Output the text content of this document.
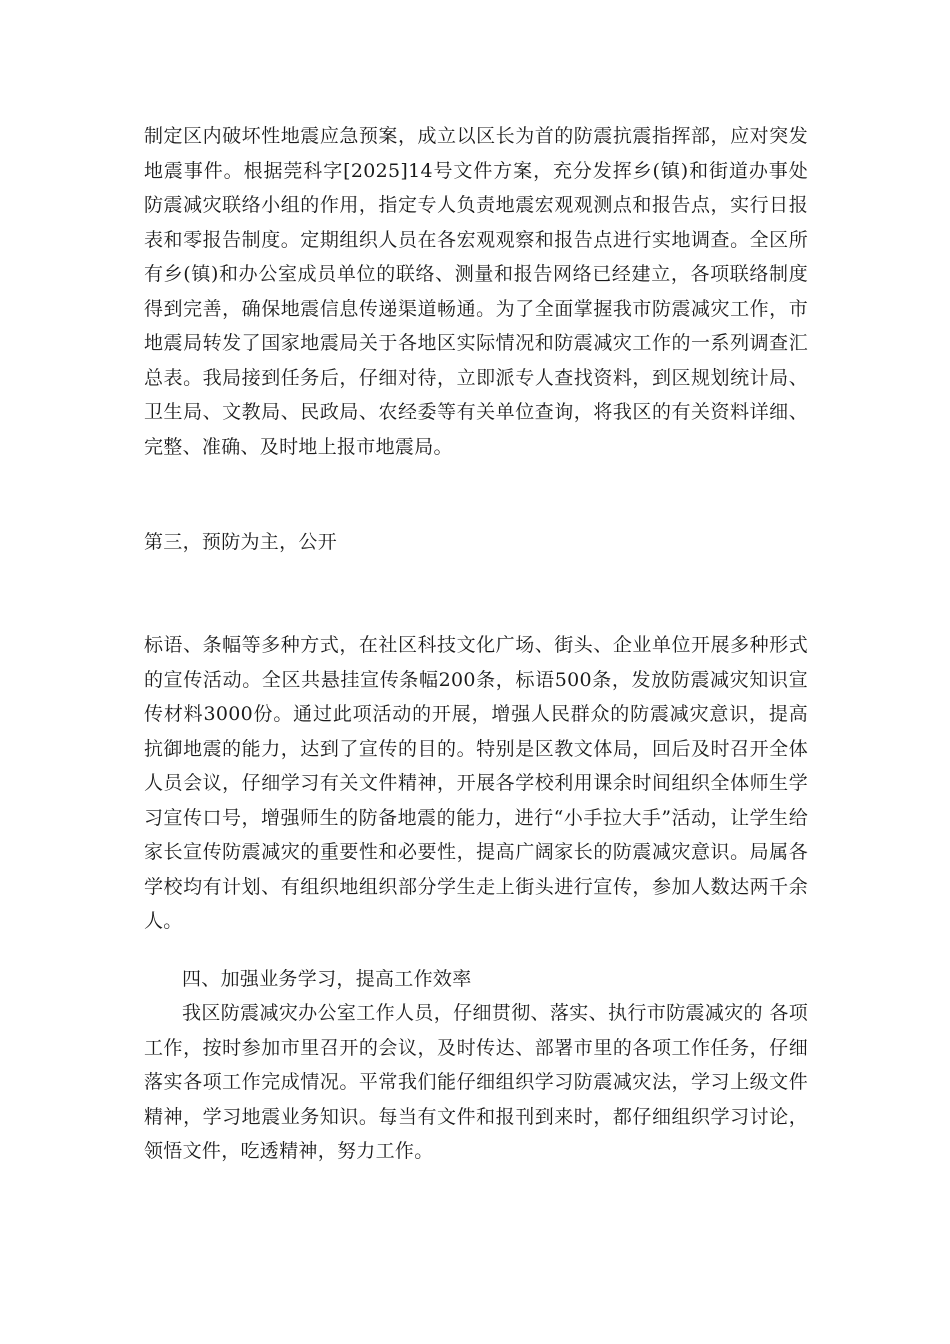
制定区内破坏性地震应急预案，成立以区长为首的防震抗震指挥部，应对突发地震事件。根据莞科字[2025]14号文件方案，充分发挥乡(镇)和街道办事处防震减灾联络小组的作用，指定专人负责地震宏观观测点和报告点，实行日报表和零报告制度。定期组织人员在各宏观观察和报告点进行实地调查。全区所有乡(镇)和办公室成员单位的联络、测量和报告网络已经建立，各项联络制度得到完善，确保地震信息传递渠道畅通。为了全面掌握我市防震减灾工作，市地震局转发了国家地震局关于各地区实际情况和防震减灾工作的一系列调查汇总表。我局接到任务后，仔细对待，立即派专人查找资料，到区规划统计局、卫生局、文教局、民政局、农经委等有关单位查询，将我区的有关资料详细、完整、准确、及时地上报市地震局。

第三，预防为主，公开

标语、条幅等多种方式，在社区科技文化广场、街头、企业单位开展多种形式的宣传活动。全区共悬挂宣传条幅200条，标语500条，发放防震减灾知识宣传材料3000份。通过此项活动的开展，增强人民群众的防震减灾意识，提高抗御地震的能力，达到了宣传的目的。特别是区教文体局，回后及时召开全体人员会议，仔细学习有关文件精神，开展各学校利用课余时间组织全体师生学习宣传口号，增强师生的防备地震的能力，进行“小手拉大手”活动，让学生给家长宣传防震减灾的重要性和必要性，提高广阔家长的防震减灾意识。局属各学校均有计划、有组织地组织部分学生走上街头进行宣传，参加人数达两千余人。

四、加强业务学习，提高工作效率

我区防震减灾办公室工作人员，仔细贯彻、落实、执行市防震减灾的 各项工作，按时参加市里召开的会议，及时传达、部署市里的各项工作任务，仔细落实各项工作完成情况。平常我们能仔细组织学习防震减灾法，学习上级文件精神，学习地震业务知识。每当有文件和报刊到来时，都仔细组织学习讨论，领悟文件，吃透精神，努力工作。
